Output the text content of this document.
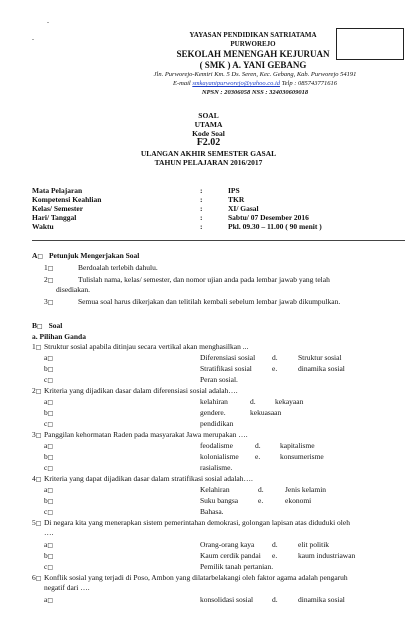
-
-
YAYASAN PENDIDIKAN SATRIATAMA
PURWOREJO
SEKOLAH MENENGAH KEJURUAN
( SMK ) A. YANI GEBANG
Jln. Purworejo-Kemiri Km. 5 Ds. Seren, Kec. Gebang, Kab. Purworejo 54191
E-mail smkayanipurworejo@yahoo.co.id Telp : 085743771616
NPSN : 20306058 NSS : 324030609018
SOAL
UTAMA
Kode Soal
F2.02
ULANGAN AKHIR SEMESTER GASAL
TAHUN PELAJARAN 2016/2017
Mata Pelajaran	:	IPS
Kompetensi Keahlian	:	TKR
Kelas/ Semester	:	XI/ Gasal
Hari/ Tanggal	:	Sabtu/ 07 Desember 2016
Waktu	:	Pkl. 09.30 – 11.00 ( 90 menit )
A□ Petunjuk Mengerjakan Soal
1□	Berdoalah terlebih dahulu.
2□	Tulislah nama, kelas/ semester, dan nomor ujian anda pada lembar jawab yang telah
disediakan.
3□	Semua soal harus dikerjakan dan telitilah kembali sebelum lembar jawab dikumpulkan.
B□ Soal
a. Pilihan Ganda
1□ Struktur sosial apabila ditinjau secara vertikal akan menghasilkan ...
a□	Diferensiasi sosial d.	Struktur sosial
b□	Stratifikasi sosial	e.	dinamika sosial
c□	Peran sosial.
2□ Kriteria yang dijadikan dasar dalam diferensiasi sosial adalah….
a□	kelahiran	d.	kekayaan
b□	gendere.	kekuasaan
c□	pendidikan
3□ Panggilan kehormatan Raden pada masyarakat Jawa merupakan ….
a□	feodalisme	d.	kapitalisme
b□	kolonialisme e.	konsumerisme
c□	rasialisme.
4□ Kriteria yang dapat dijadikan dasar dalam stratifikasi sosial adalah….
a□	Kelahiran	d.	Jenis kelamin
b□	Suku bangsa	e.	ekonomi
c□	Bahasa.
5□ Di negara kita yang menerapkan sistem pemerintahan demokrasi, golongan lapisan atas diduduki oleh
….
a□	Orang-orang kaya d.	elit politik
b□	Kaum cerdik pandai e.	kaum industriawan
c□	Pemilik tanah pertanian.
6□ Konflik sosial yang terjadi di Poso, Ambon yang dilatarbelakangi oleh faktor agama adalah pengaruh
negatif dari ….
a□	konsolidasi sosial	d.	dinamika sosial
